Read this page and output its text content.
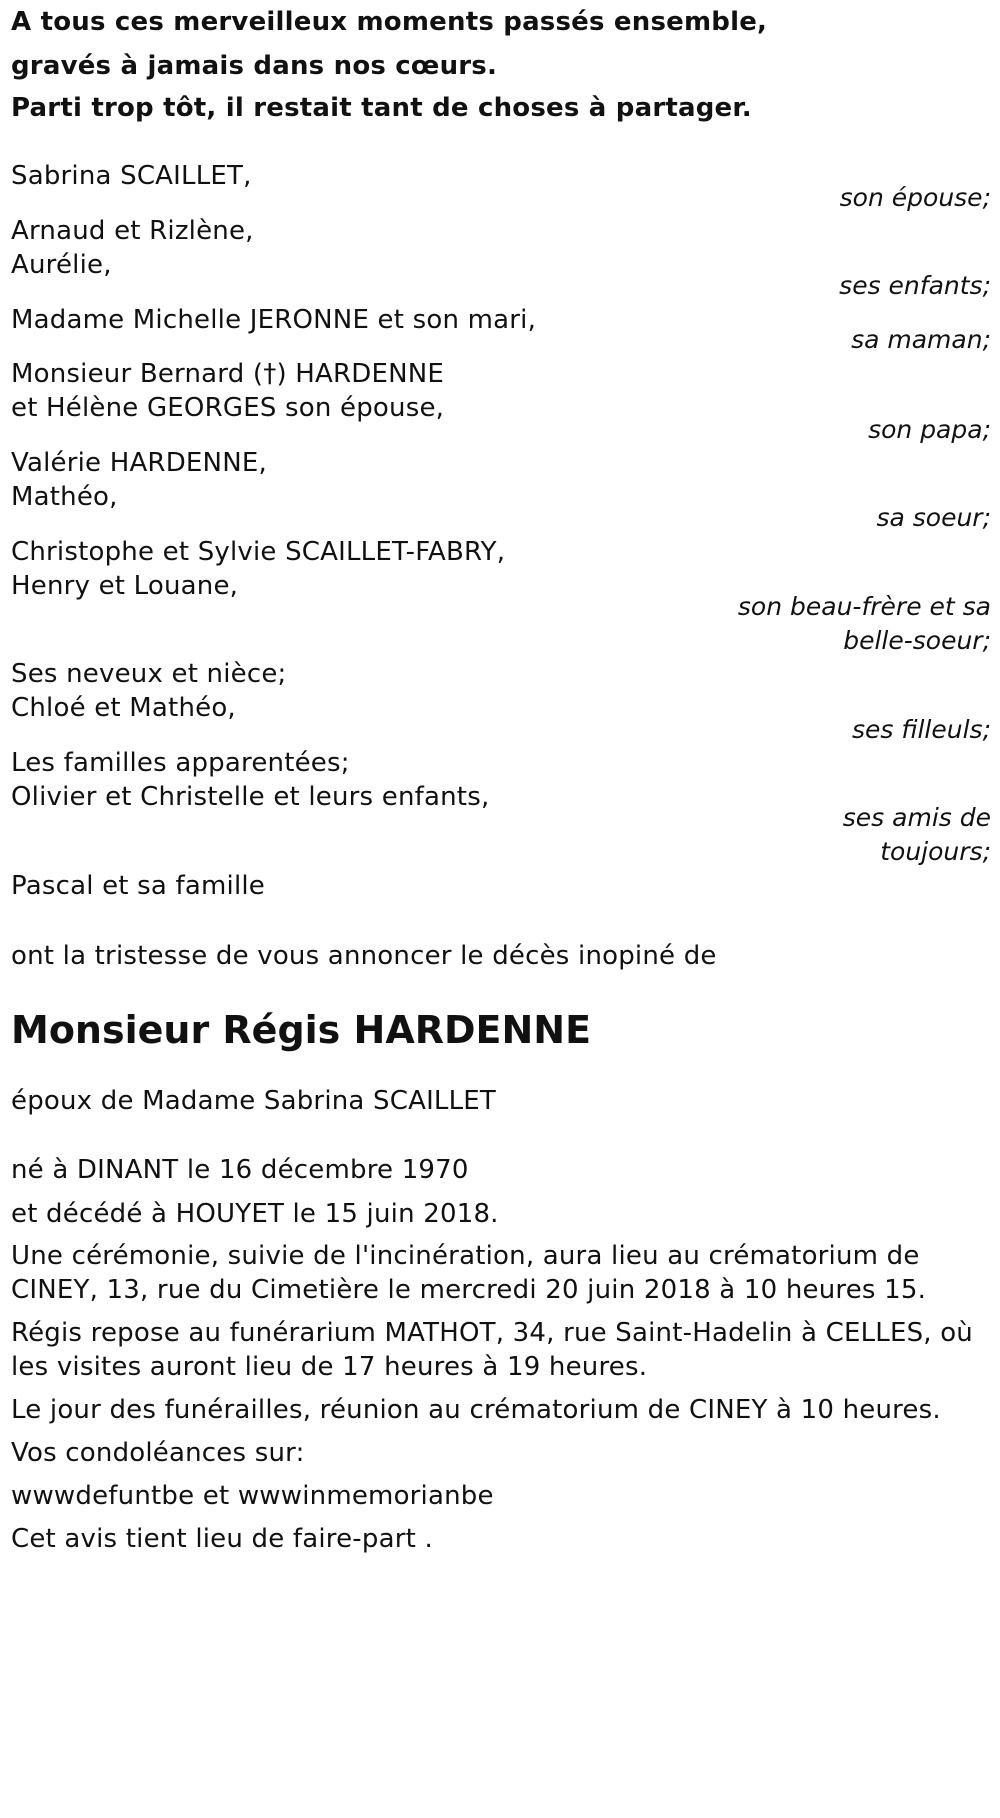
A tous ces merveilleux moments passés ensemble,
gravés à jamais dans nos cœurs.
Parti trop tôt, il restait tant de choses à partager.
Sabrina SCAILLET,
son épouse;
Arnaud et Rizlène,
Aurélie,
ses enfants;
Madame Michelle JERONNE et son mari,
sa maman;
Monsieur Bernard (†) HARDENNE
et Hélène GEORGES son épouse,
son papa;
Valérie HARDENNE,
Mathéo,
sa soeur;
Christophe et Sylvie SCAILLET-FABRY,
Henry et Louane,
son beau-frère et sa
belle-soeur;
Ses neveux et nièce;
Chloé et Mathéo,
ses filleuls;
Les familles apparentées;
Olivier et Christelle et leurs enfants,
ses amis de
toujours;
Pascal et sa famille
ont la tristesse de vous annoncer le décès inopiné de
Monsieur Régis HARDENNE
époux de Madame Sabrina SCAILLET
né à DINANT le 16 décembre 1970
et décédé à HOUYET le 15 juin 2018.
Une cérémonie, suivie de l'incinération, aura lieu au crématorium de
CINEY, 13, rue du Cimetière le mercredi 20 juin 2018 à 10 heures 15.
Régis repose au funérarium MATHOT, 34, rue Saint-Hadelin à CELLES, où
les visites auront lieu de 17 heures à 19 heures.
Le jour des funérailles, réunion au crématorium de CINEY à 10 heures.
Vos condoléances sur:
wwwdefuntbe et wwwinmemorianbe
Cet avis tient lieu de faire-part .
